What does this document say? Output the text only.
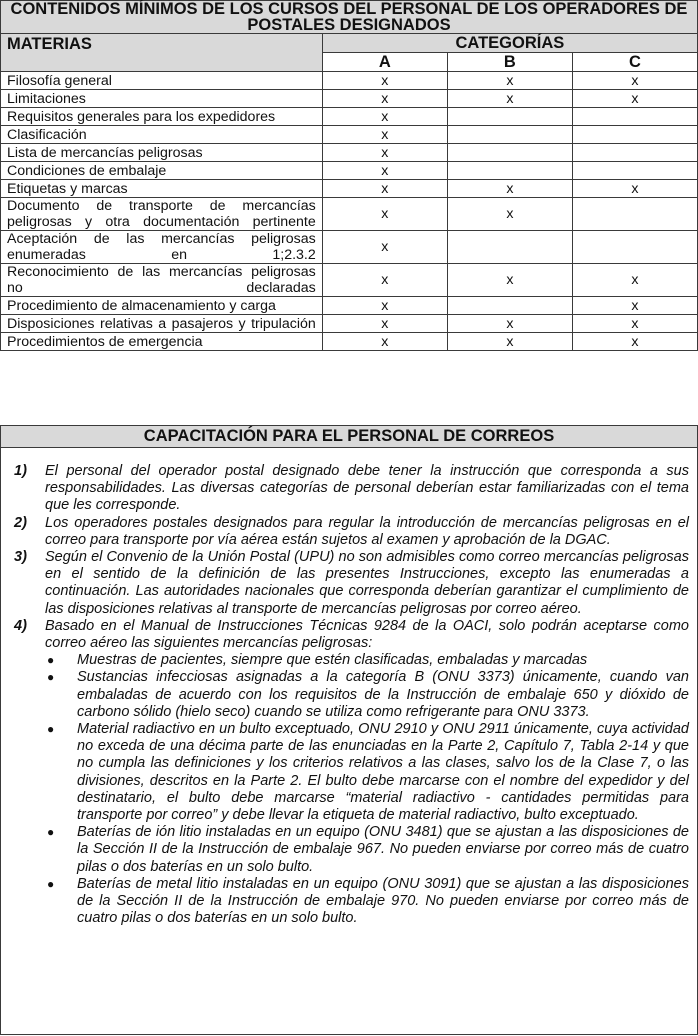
CONTENIDOS MÍNIMOS DE LOS CURSOS DEL PERSONAL DE LOS OPERADORES DE POSTALES DESIGNADOS			
MATERIAS	CATEGORÍAS		
	A	B	C
Filosofía general	x	x	x
Limitaciones	x	x	x
Requisitos generales para los expedidores	x		
Clasificación	x		
Lista de mercancías peligrosas	x		
Condiciones de embalaje	x		
Etiquetas y marcas	x	x	x
Documento de transporte de mercancías peligrosas y otra documentación pertinente	x	x	
Aceptación de las mercancías peligrosas enumeradas en 1;2.3.2	x		
Reconocimiento de las mercancías peligrosas no declaradas	x	x	x
Procedimiento de almacenamiento y carga	x		x
Disposiciones relativas a pasajeros y tripulación	x	x	x
Procedimientos de emergencia	x	x	x
CAPACITACIÓN PARA EL PERSONAL DE CORREOS
1) El personal del operador postal designado debe tener la instrucción que corresponda a sus responsabilidades. Las diversas categorías de personal deberían estar familiarizadas con el tema que les corresponde.
2) Los operadores postales designados para regular la introducción de mercancías peligrosas en el correo para transporte por vía aérea están sujetos al examen y aprobación de la DGAC.
3) Según el Convenio de la Unión Postal (UPU) no son admisibles como correo mercancías peligrosas en el sentido de la definición de las presentes Instrucciones, excepto las enumeradas a continuación. Las autoridades nacionales que corresponda deberían garantizar el cumplimiento de las disposiciones relativas al transporte de mercancías peligrosas por correo aéreo.
4) Basado en el Manual de Instrucciones Técnicas 9284 de la OACI, solo podrán aceptarse como correo aéreo las siguientes mercancías peligrosas:
● Muestras de pacientes, siempre que estén clasificadas, embaladas y marcadas
● Sustancias infecciosas asignadas a la categoría B (ONU 3373) únicamente, cuando van embaladas de acuerdo con los requisitos de la Instrucción de embalaje 650 y dióxido de carbono sólido (hielo seco) cuando se utiliza como refrigerante para ONU 3373.
● Material radiactivo en un bulto exceptuado, ONU 2910 y ONU 2911 únicamente, cuya actividad no exceda de una décima parte de las enunciadas en la Parte 2, Capítulo 7, Tabla 2-14 y que no cumpla las definiciones y los criterios relativos a las clases, salvo los de la Clase 7, o las divisiones, descritos en la Parte 2. El bulto debe marcarse con el nombre del expedidor y del destinatario, el bulto debe marcarse “material radiactivo - cantidades permitidas para transporte por correo” y debe llevar la etiqueta de material radiactivo, bulto exceptuado.
● Baterías de ión litio instaladas en un equipo (ONU 3481) que se ajustan a las disposiciones de la Sección II de la Instrucción de embalaje 967. No pueden enviarse por correo más de cuatro pilas o dos baterías en un solo bulto.
● Baterías de metal litio instaladas en un equipo (ONU 3091) que se ajustan a las disposiciones de la Sección II de la Instrucción de embalaje 970. No pueden enviarse por correo más de cuatro pilas o dos baterías en un solo bulto.
